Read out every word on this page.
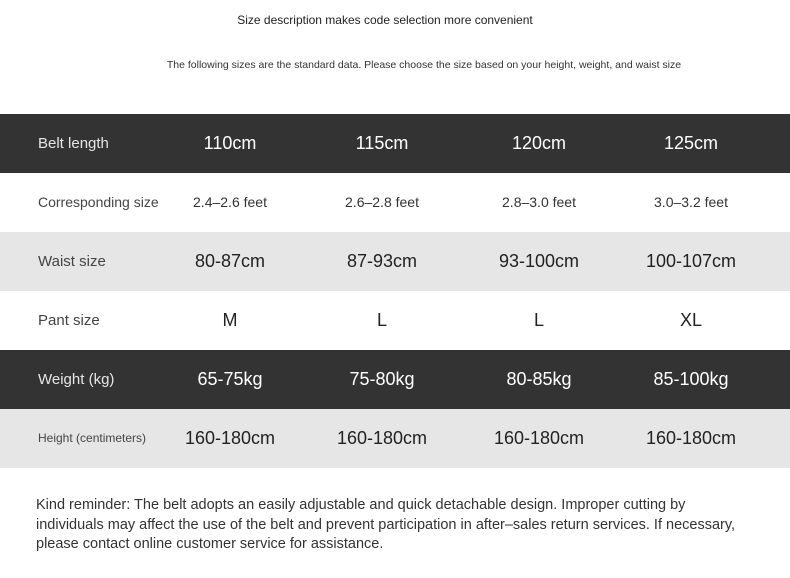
Size description makes code selection more convenient
The following sizes are the standard data. Please choose the size based on your height, weight, and waist size
Belt length	110cm	115cm	120cm	125cm
Corresponding size	2.4–2.6 feet	2.6–2.8 feet	2.8–3.0 feet	3.0–3.2 feet
Waist size	80-87cm	87-93cm	93-100cm	100-107cm
Pant size	M	L	L	XL
Weight (kg)	65-75kg	75-80kg	80-85kg	85-100kg
Height (centimeters)	160-180cm	160-180cm	160-180cm	160-180cm
Kind reminder: The belt adopts an easily adjustable and quick detachable design. Improper cutting by individuals may affect the use of the belt and prevent participation in after–sales return services. If necessary, please contact online customer service for assistance.
